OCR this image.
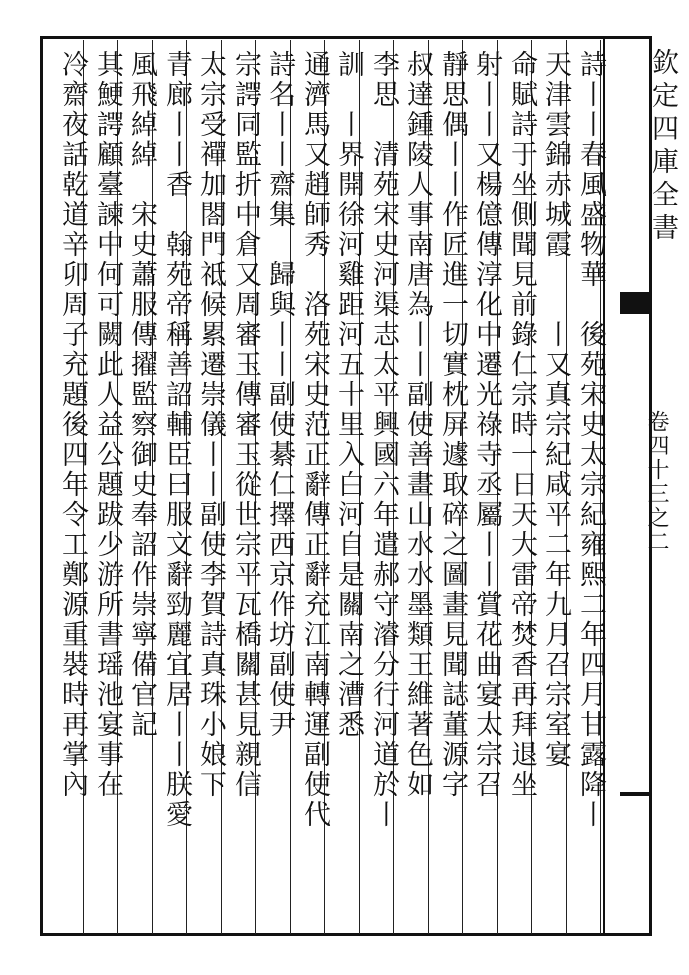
欽定四庫全書
卷四十三之二
詩丨丨春風盛物華　後苑宋史太宗紀雍熙二年四月甘露降丨
天津雲錦赤城霞　　丨又真宗紀咸平二年九月召宗室宴
命賦詩于坐側聞見前錄仁宗時一日天大雷帝焚香再拜退坐
射丨丨又楊億傳淳化中遷光祿寺丞屬丨丨賞花曲宴太宗召
靜思偶丨丨作匠進一切實枕屏遽取碎之圖畫見聞誌董源字
叔達鍾陵人事南唐為丨丨副使善畫山水水墨類王維著色如
李思　清苑宋史河渠志太平興國六年遣郝守濬分行河道於丨
訓　丨界開徐河雞距河五十里入白河自是關南之漕悉
通濟馬又趙師秀　洛苑宋史范正辭傳正辭充江南轉運副使代
詩名丨丨齋集　歸與丨丨副使綦仁擇西京作坊副使尹
宗諤同監折中倉又周審玉傳審玉從世宗平瓦橋關甚見親信
太宗受禪加閤門祗候累遷崇儀丨丨副使李賀詩真珠小娘下
青廊丨丨香　翰苑帝稱善詔輔臣曰服文辭勁麗宜居丨丨朕愛
風飛綽綽　宋史蕭服傳擢監察御史奉詔作崇寧備官記
其鯁諤顧臺諫中何可闕此人益公題跋少游所書瑶池宴事在
冷齋夜話乾道辛卯周子充題後四年令工鄭源重裝時再掌內
